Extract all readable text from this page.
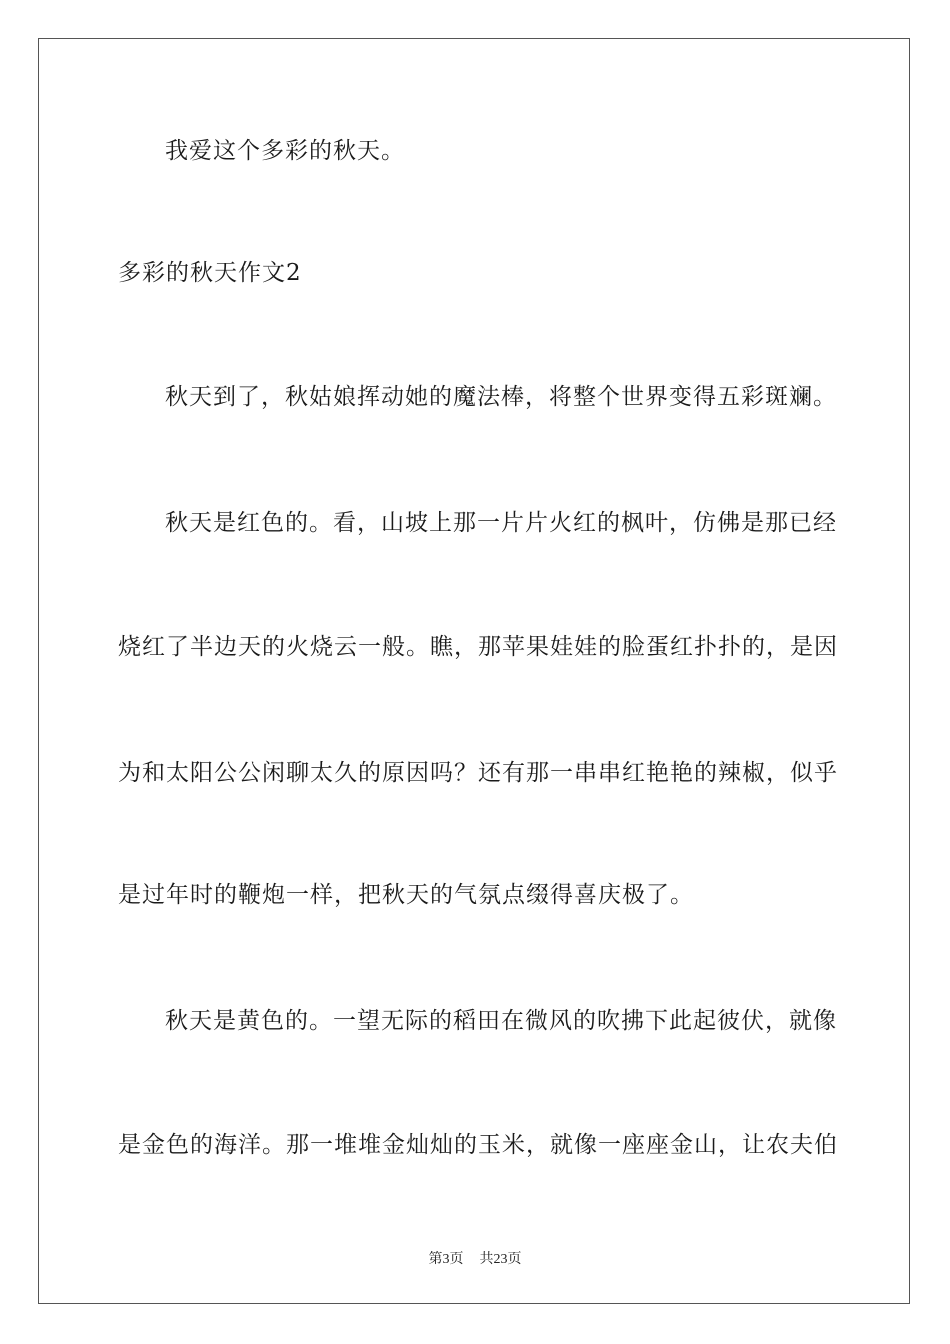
我爱这个多彩的秋天。
多彩的秋天作文2
秋天到了，秋姑娘挥动她的魔法棒，将整个世界变得五彩斑斓。
秋天是红色的。看，山坡上那一片片火红的枫叶，仿佛是那已经
烧红了半边天的火烧云一般。瞧，那苹果娃娃的脸蛋红扑扑的，是因
为和太阳公公闲聊太久的原因吗？还有那一串串红艳艳的辣椒，似乎
是过年时的鞭炮一样，把秋天的气氛点缀得喜庆极了。
秋天是黄色的。一望无际的稻田在微风的吹拂下此起彼伏，就像
是金色的海洋。那一堆堆金灿灿的玉米，就像一座座金山，让农夫伯
第3页 共23页
